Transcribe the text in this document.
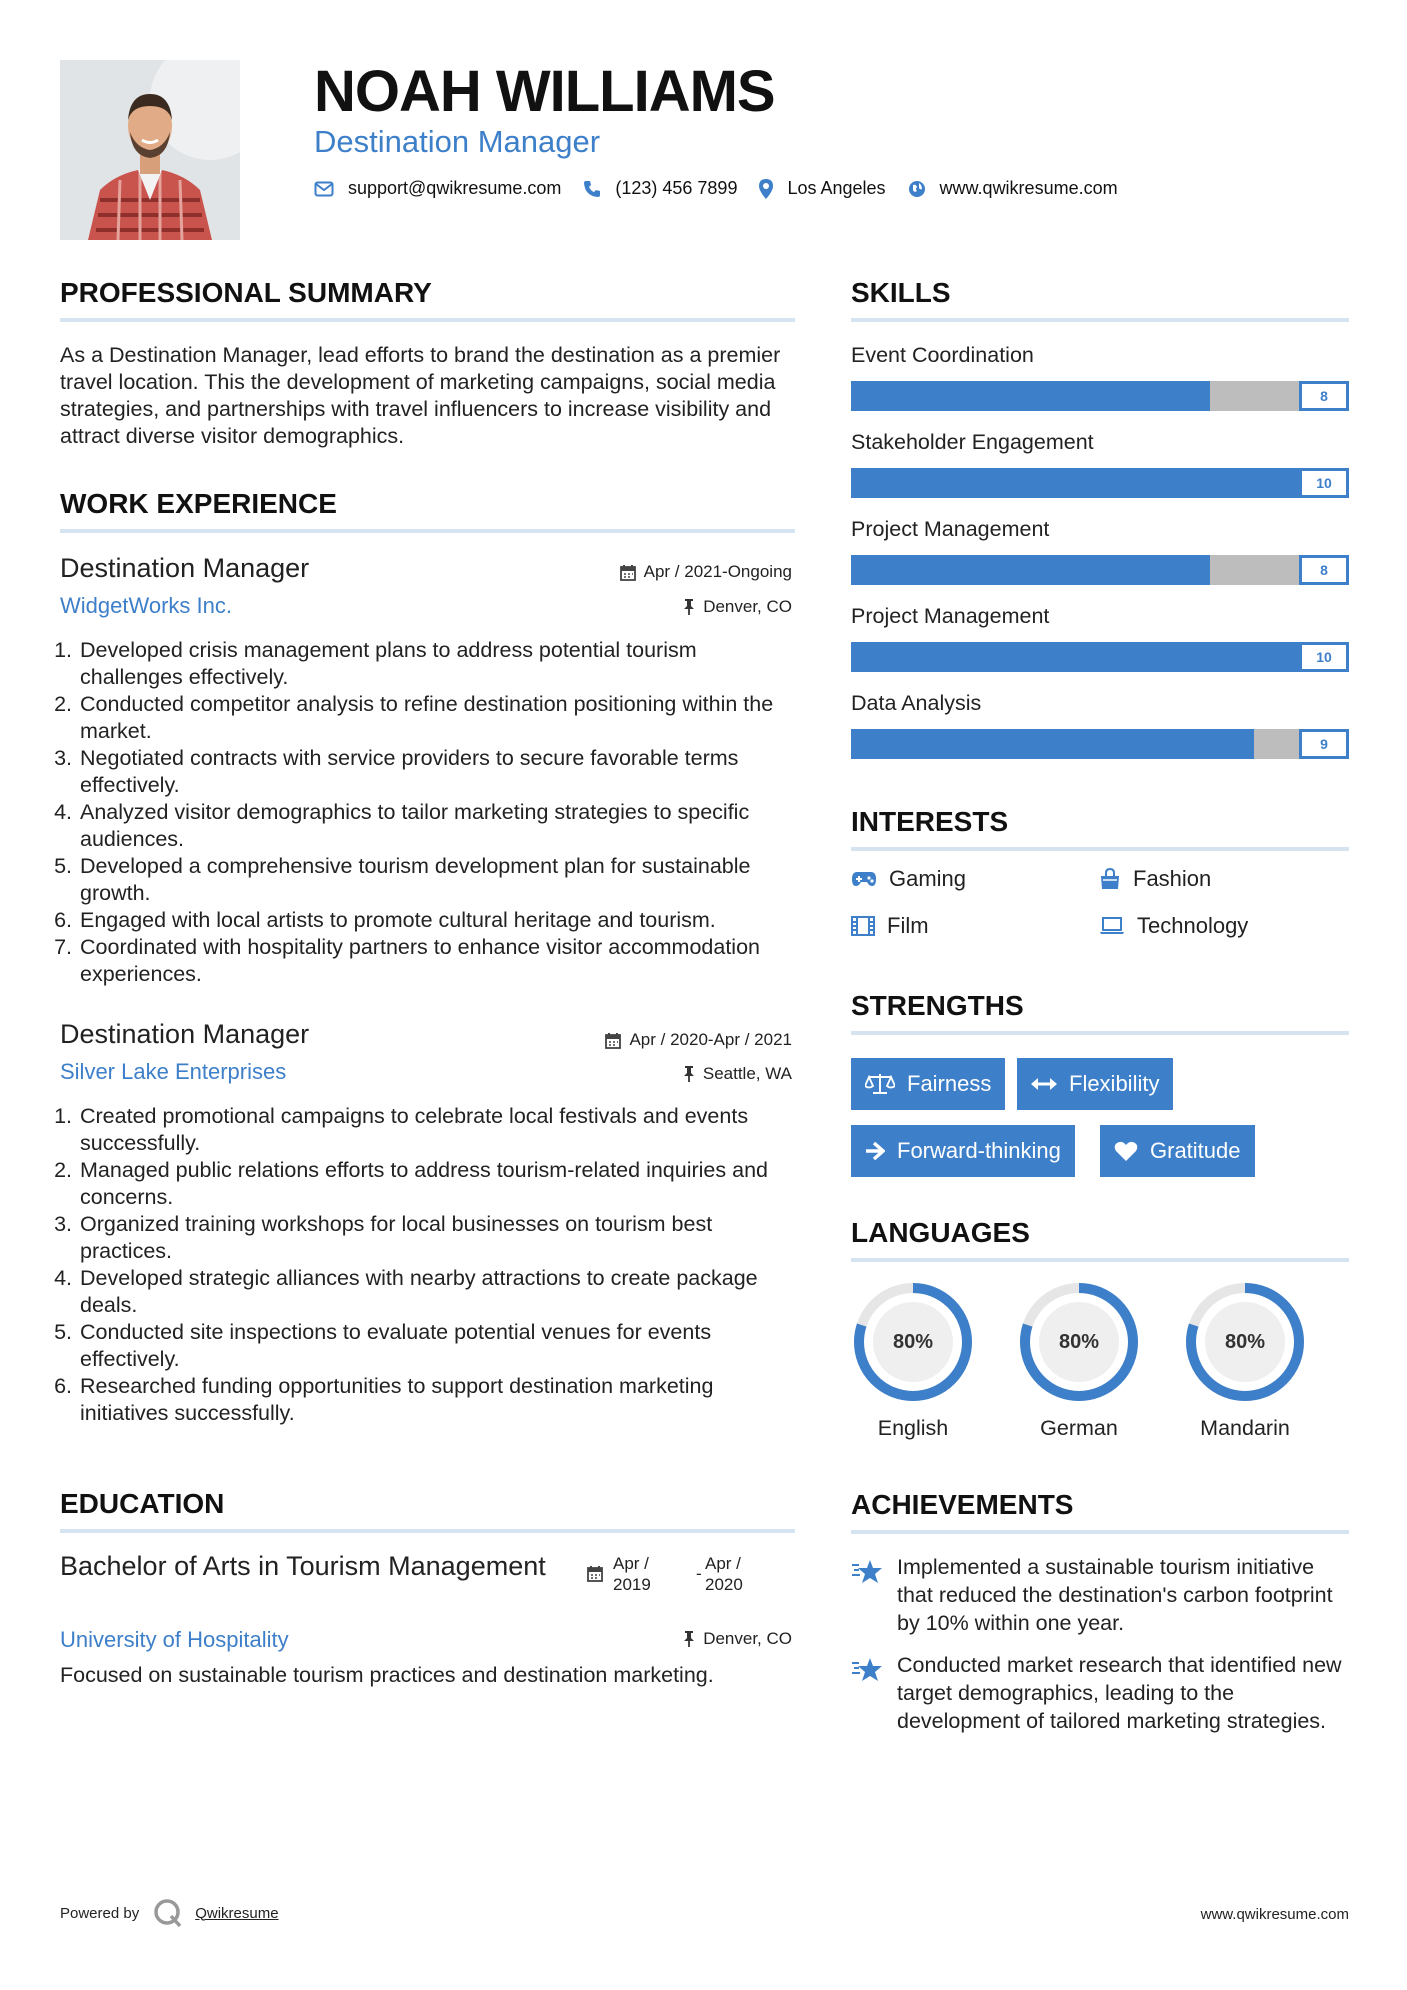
NOAH WILLIAMS
Destination Manager
support@qwikresume.com	(123) 456 7899	Los Angeles	www.qwikresume.com
PROFESSIONAL SUMMARY
As a Destination Manager, lead efforts to brand the destination as a premier travel location. This the development of marketing campaigns, social media strategies, and partnerships with travel influencers to increase visibility and attract diverse visitor demographics.
WORK EXPERIENCE
Destination Manager
WidgetWorks Inc.
Apr / 2021-Ongoing
Denver, CO
1. Developed crisis management plans to address potential tourism challenges effectively.
2. Conducted competitor analysis to refine destination positioning within the market.
3. Negotiated contracts with service providers to secure favorable terms effectively.
4. Analyzed visitor demographics to tailor marketing strategies to specific audiences.
5. Developed a comprehensive tourism development plan for sustainable growth.
6. Engaged with local artists to promote cultural heritage and tourism.
7. Coordinated with hospitality partners to enhance visitor accommodation experiences.
Destination Manager
Silver Lake Enterprises
Apr / 2020-Apr / 2021
Seattle, WA
1. Created promotional campaigns to celebrate local festivals and events successfully.
2. Managed public relations efforts to address tourism-related inquiries and concerns.
3. Organized training workshops for local businesses on tourism best practices.
4. Developed strategic alliances with nearby attractions to create package deals.
5. Conducted site inspections to evaluate potential venues for events effectively.
6. Researched funding opportunities to support destination marketing initiatives successfully.
EDUCATION
Bachelor of Arts in Tourism Management	Apr /
2019
-
Apr /
2020
University of Hospitality	Denver, CO
Focused on sustainable tourism practices and destination marketing.
SKILLS
Event Coordination
8
Stakeholder Engagement
10
Project Management
8
Project Management
10
Data Analysis
9
INTERESTS
Gaming	Fashion
Film	Technology
STRENGTHS
Fairness	Flexibility
Forward-thinking	Gratitude
LANGUAGES
80%
English
80%
German
80%
Mandarin
ACHIEVEMENTS
Implemented a sustainable tourism initiative that reduced the destination's carbon footprint by 10% within one year.
Conducted market research that identified new target demographics, leading to the development of tailored marketing strategies.
Powered by	Qwikresume	www.qwikresume.com
